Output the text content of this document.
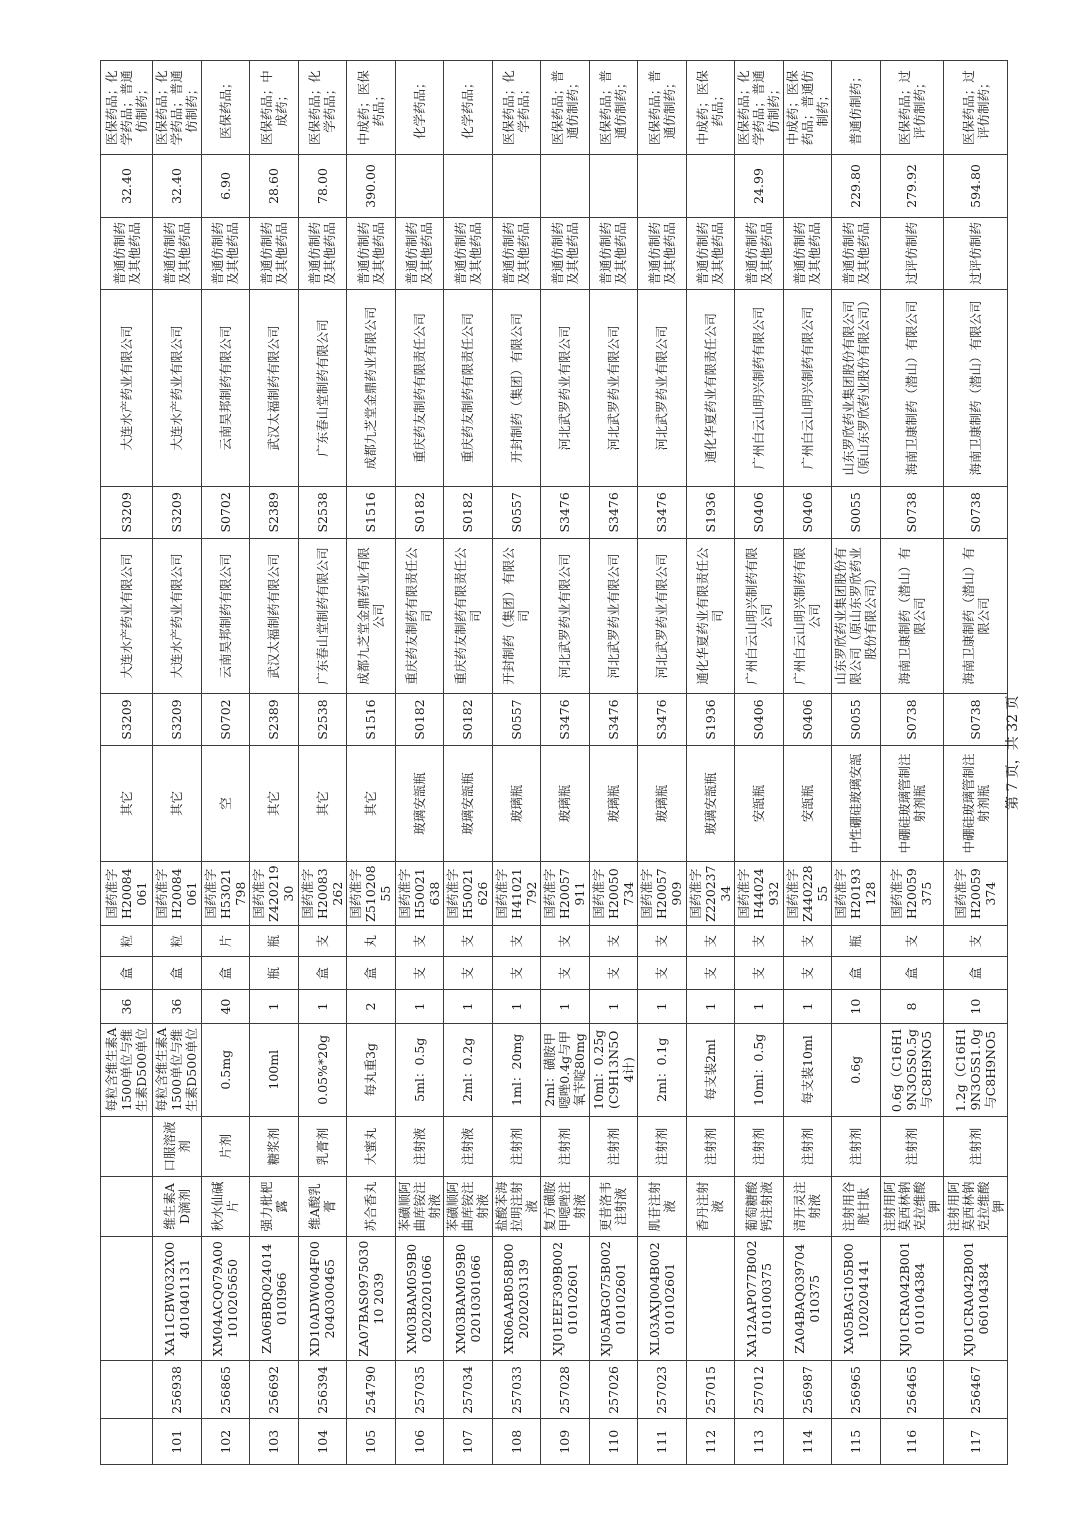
					每粒含维生素A1500单位与维生素D500单位	36	盒	粒	国药准字H20084061	其它	S3209	大连水产药业有限公司	S3209	大连水产药业有限公司	普通仿制药及其他药品	32.40	医保药品；化学药品；普通仿制药；
101	256938	XA11CBW032X004010401131	维生素AD滴剂	口服溶液剂	每粒含维生素A1500单位与维生素D500单位	36	盒	粒	国药准字H20084061	其它	S3209	大连水产药业有限公司	S3209	大连水产药业有限公司	普通仿制药及其他药品	32.40	医保药品；化学药品；普通仿制药；
102	256865	XM04ACQ079A001010205650	秋水仙碱片	片剂	0.5mg	40	盒	片	国药准字H53021798	空	S0702	云南昊邦制药有限公司	S0702	云南昊邦制药有限公司	普通仿制药及其他药品	6.90	医保药品；
103	256692	ZA06BBQ024014010I966	强力枇杷露	糖浆剂	100ml	1	瓶	瓶	国药准字Z42021930	其它	S2389	武汉太福制药有限公司	S2389	武汉太福制药有限公司	普通仿制药及其他药品	28.60	医保药品；中成药；
104	256394	XD10ADW004F002040300465	维A酸乳膏	乳膏剂	0.05%*20g	1	盒	支	国药准字H20083262	其它	S2538	广东春山堂制药有限公司	S2538	广东春山堂制药有限公司	普通仿制药及其他药品	78.00	医保药品；化学药品；
105	254790	ZA07BAS097503010 2039	苏合香丸	大蜜丸	每丸重3g	2	盒	丸	国药准字Z51020855	其它	S1516	成都九芝堂金鼎药业有限公司	S1516	成都九芝堂金鼎药业有限公司	普通仿制药及其他药品	390.00	中成药；医保药品；
106	257035	XM03BAM059B002020201066	苯磺顺阿曲库铵注射液	注射液	5ml：0.5g	1	支	支	国药准字H50021638	玻璃安瓿瓶	S0182	重庆药友制药有限责任公司	S0182	重庆药友制药有限责任公司	普通仿制药及其他药品		化学药品；
107	257034	XM03BAM059B002010301066	苯磺顺阿曲库铵注射液	注射液	2ml：0.2g	1	支	支	国药准字H50021626	玻璃安瓿瓶	S0182	重庆药友制药有限责任公司	S0182	重庆药友制药有限责任公司	普通仿制药及其他药品		化学药品；
108	257033	XR06AAB058B002020203139	盐酸苯海拉明注射液	注射剂	1ml：20mg	1	支	支	国药准字H41021792	玻璃瓶	S0557	开封制药（集团）有限公司	S0557	开封制药（集团）有限公司	普通仿制药及其他药品		医保药品；化学药品；
109	257028	XJ01EEF309B002010102601	复方磺胺甲噁唑注射液	注射剂	2ml：磺胺甲噁唑0.4g与甲氧苄啶80mg	1	支	支	国药准字H20057911	玻璃瓶	S3476	河北武罗药业有限公司	S3476	河北武罗药业有限公司	普通仿制药及其他药品		医保药品；普通仿制药；
110	257026	XJ05ABG075B002010102601	更昔洛韦注射液	注射剂	10ml：0.25g(C9H13N5O4计)	1	支	支	国药准字H20050734	玻璃瓶	S3476	河北武罗药业有限公司	S3476	河北武罗药业有限公司	普通仿制药及其他药品		医保药品；普通仿制药；
111	257023	XL03AXJ004B002010102601	肌苷注射液	注射剂	2ml：0.1g	1	支	支	国药准字H20057909	玻璃瓶	S3476	河北武罗药业有限公司	S3476	河北武罗药业有限公司	普通仿制药及其他药品		医保药品；普通仿制药；
112	257015		香丹注射液	注射剂	每支装2ml	1	支	支	国药准字Z22023734	玻璃安瓿瓶	S1936	通化华夏药业有限责任公司	S1936	通化华夏药业有限责任公司	普通仿制药及其他药品		中成药；医保药品；
113	257012	XA12AAP077B002010100375	葡萄糖酸钙注射液	注射剂	10ml：0.5g	1	支	支	国药准字H44024932	安瓿瓶	S0406	广州白云山明兴制药有限公司	S0406	广州白云山明兴制药有限公司	普通仿制药及其他药品	24.99	医保药品；化学药品；普通仿制药；
114	256987	ZA04BAQ039704010375	清开灵注射液	注射剂	每支装10ml	1	支	支	国药准字Z44022855	安瓿瓶	S0406	广州白云山明兴制药有限公司	S0406	广州白云山明兴制药有限公司	普通仿制药及其他药品		中成药；医保药品；普通仿制药；
115	256965	XA05BAG105B001020204141	注射用谷胱甘肽	注射剂	0.6g	10	盒	瓶	国药准字H20193128	中性硼硅玻璃安瓿	S0055	山东罗欣药业集团股份有限公司（原山东罗欣药业股份有限公司）	S0055	山东罗欣药业集团股份有限公司（原山东罗欣药业股份有限公司）	普通仿制药及其他药品	229.80	普通仿制药；
116	256465	XJ01CRA042B001010104384	注射用阿莫西林钠克拉维酸钾	注射剂	0.6g（C16H19N3O5S0.5g与C8H9NO5	8	盒	支	国药准字H20059375	中硼硅玻璃管制注射剂瓶	S0738	海南卫康制药（潜山）有限公司	S0738	海南卫康制药（潜山）有限公司	过评仿制药	279.92	医保药品；过评仿制药；
117	256467	XJ01CRA042B001060104384	注射用阿莫西林钠克拉维酸钾	注射剂	1.2g（C16H19N3O5S1.0g与C8H9NO5	10	盒	支	国药准字H20059374	中硼硅玻璃管制注射剂瓶	S0738	海南卫康制药（潜山）有限公司	S0738	海南卫康制药（潜山）有限公司	过评仿制药	594.80	医保药品；过评仿制药；
第 7 页，共 32 页
